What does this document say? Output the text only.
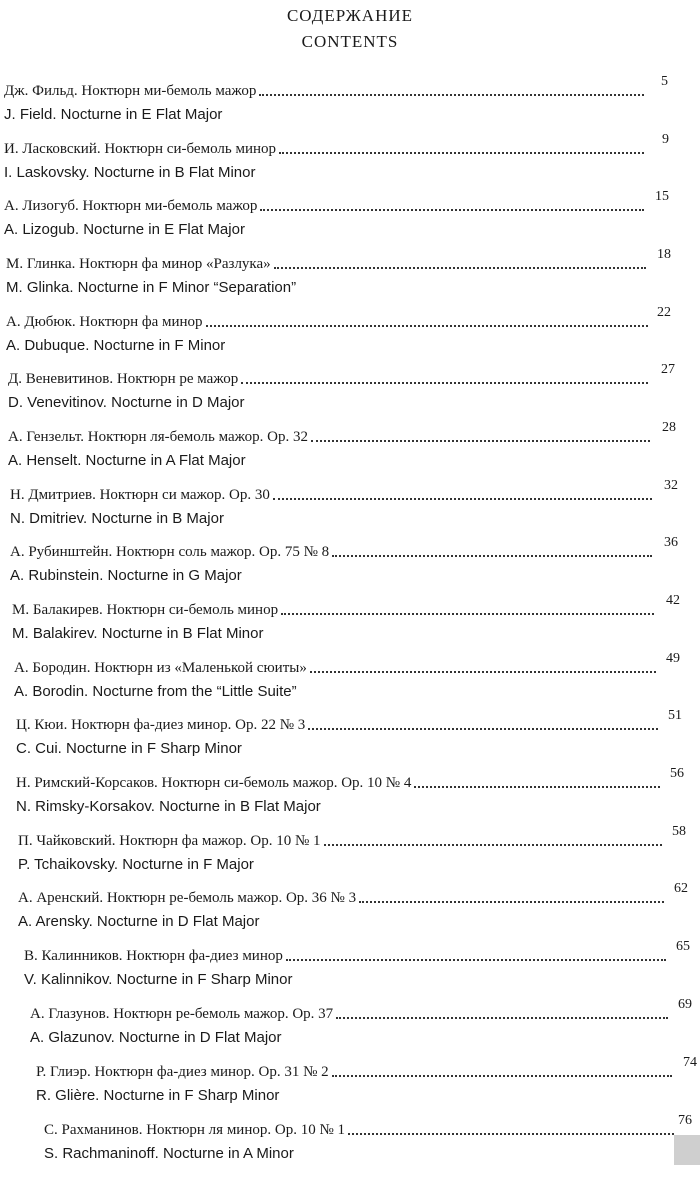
СОДЕРЖАНИЕ
CONTENTS
Дж. Фильд. Ноктюрн ми-бемоль мажор
J. Field. Nocturne in E Flat Major
5
И. Ласковский. Ноктюрн си-бемоль минор
I. Laskovsky. Nocturne in B Flat Minor
9
А. Лизогуб. Ноктюрн ми-бемоль мажор
A. Lizogub. Nocturne in E Flat Major
15
М. Глинка. Ноктюрн фа минор «Разлука»
M. Glinka. Nocturne in F Minor “Separation”
18
А. Дюбюк. Ноктюрн фа минор
A. Dubuque. Nocturne in F Minor
22
Д. Веневитинов. Ноктюрн ре мажор
D. Venevitinov. Nocturne in D Major
27
А. Гензельт. Ноктюрн ля-бемоль мажор. Op. 32
A. Henselt. Nocturne in A Flat Major
28
Н. Дмитриев. Ноктюрн си мажор. Op. 30
N. Dmitriev. Nocturne in B Major
32
А. Рубинштейн. Ноктюрн соль мажор. Op. 75 № 8
A. Rubinstein. Nocturne in G Major
36
М. Балакирев. Ноктюрн си-бемоль минор
M. Balakirev. Nocturne in B Flat Minor
42
А. Бородин. Ноктюрн из «Маленькой сюиты»
A. Borodin. Nocturne from the “Little Suite”
49
Ц. Кюи. Ноктюрн фа-диез минор. Op. 22 № 3
C. Cui. Nocturne in F Sharp Minor
51
Н. Римский-Корсаков. Ноктюрн си-бемоль мажор. Op. 10 № 4
N. Rimsky-Korsakov. Nocturne in B Flat Major
56
П. Чайковский. Ноктюрн фа мажор. Op. 10 № 1
P. Tchaikovsky. Nocturne in F Major
58
А. Аренский. Ноктюрн ре-бемоль мажор. Op. 36 № 3
A. Arensky. Nocturne in D Flat Major
62
В. Калинников. Ноктюрн фа-диез минор
V. Kalinnikov. Nocturne in F Sharp Minor
65
А. Глазунов. Ноктюрн ре-бемоль мажор. Op. 37
A. Glazunov. Nocturne in D Flat Major
69
Р. Глиэр. Ноктюрн фа-диез минор. Op. 31 № 2
R. Glière. Nocturne in F Sharp Minor
74
С. Рахманинов. Ноктюрн ля минор. Op. 10 № 1
S. Rachmaninoff. Nocturne in A Minor
76
